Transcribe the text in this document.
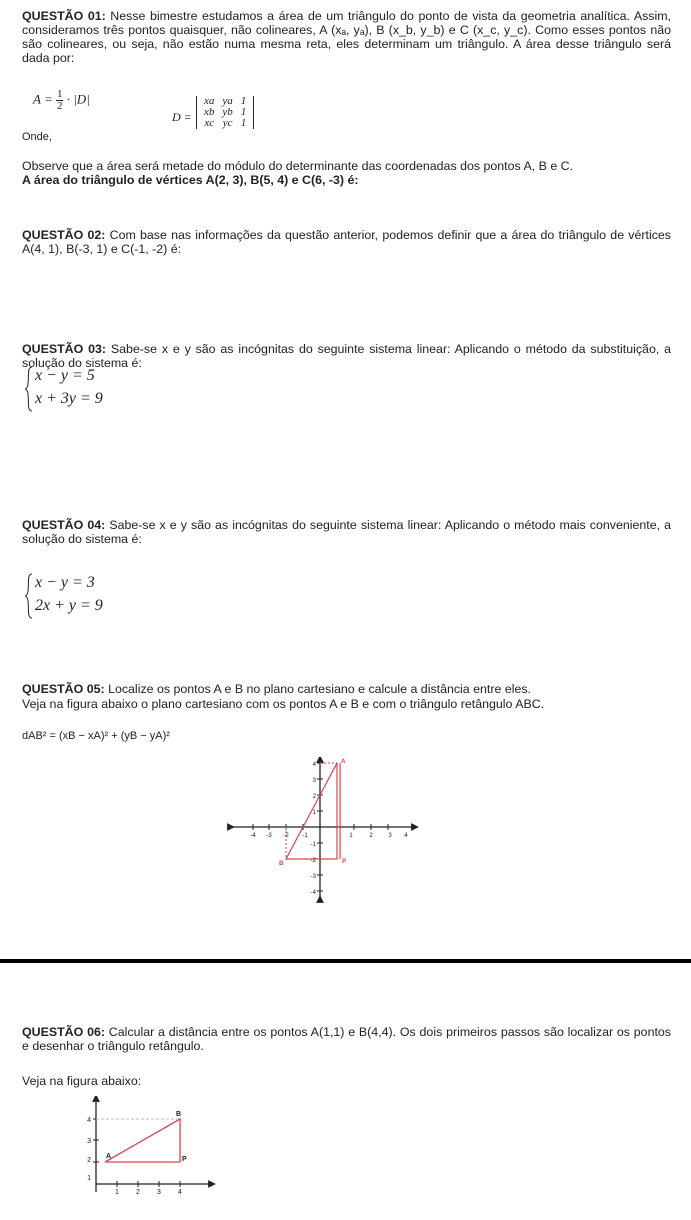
QUESTÃO 01: Nesse bimestre estudamos a área de um triângulo do ponto de vista da geometria analítica. Assim, consideramos três pontos quaisquer, não colineares, A (xₐ, yₐ), B (x_b, y_b) e C (x_c, y_c). Como esses pontos não são colineares, ou seja, não estão numa mesma reta, eles determinam um triângulo. A área desse triângulo será dada por:

$A = \frac{1}{2} \cdot |D|$
Onde,
D =
xa	ya	1
xb	yb	1
xc	yc	1

Observe que a área será metade do módulo do determinante das coordenadas dos pontos A, B e C.

A área do triângulo de vértices A(2, 3), B(5, 4) e C(6, -3) é:

QUESTÃO 02: Com base nas informações da questão anterior, podemos definir que a área do triângulo de vértices A(4, 1), B(-3, 1) e C(-1, -2) é:

QUESTÃO 03: Sabe-se x e y são as incógnitas do seguinte sistema linear: Aplicando o método da substituição, a solução do sistema é:

x − y = 5
x + 3y = 9

QUESTÃO 04: Sabe-se x e y são as incógnitas do seguinte sistema linear: Aplicando o método mais conveniente, a solução do sistema é:

x − y = 3
2x + y = 9

QUESTÃO 05: Localize os pontos A e B no plano cartesiano e calcule a distância entre eles.

Veja na figura abaixo o plano cartesiano com os pontos A e B e com o triângulo retângulo ABC.

dAB² = (xB − xA)² + (yB − yA)²

-4 -3 -2 -1	1	2	3
4
3
2
1
-1
-2
-3
-4
A
B	P
4

QUESTÃO 06: Calcular a distância entre os pontos A(1,1) e B(4,4). Os dois primeiros passos são localizar os pontos e desenhar o triângulo retângulo.

Veja na figura abaixo:

1 2 3 4
4
3
2
1
A
B
P
